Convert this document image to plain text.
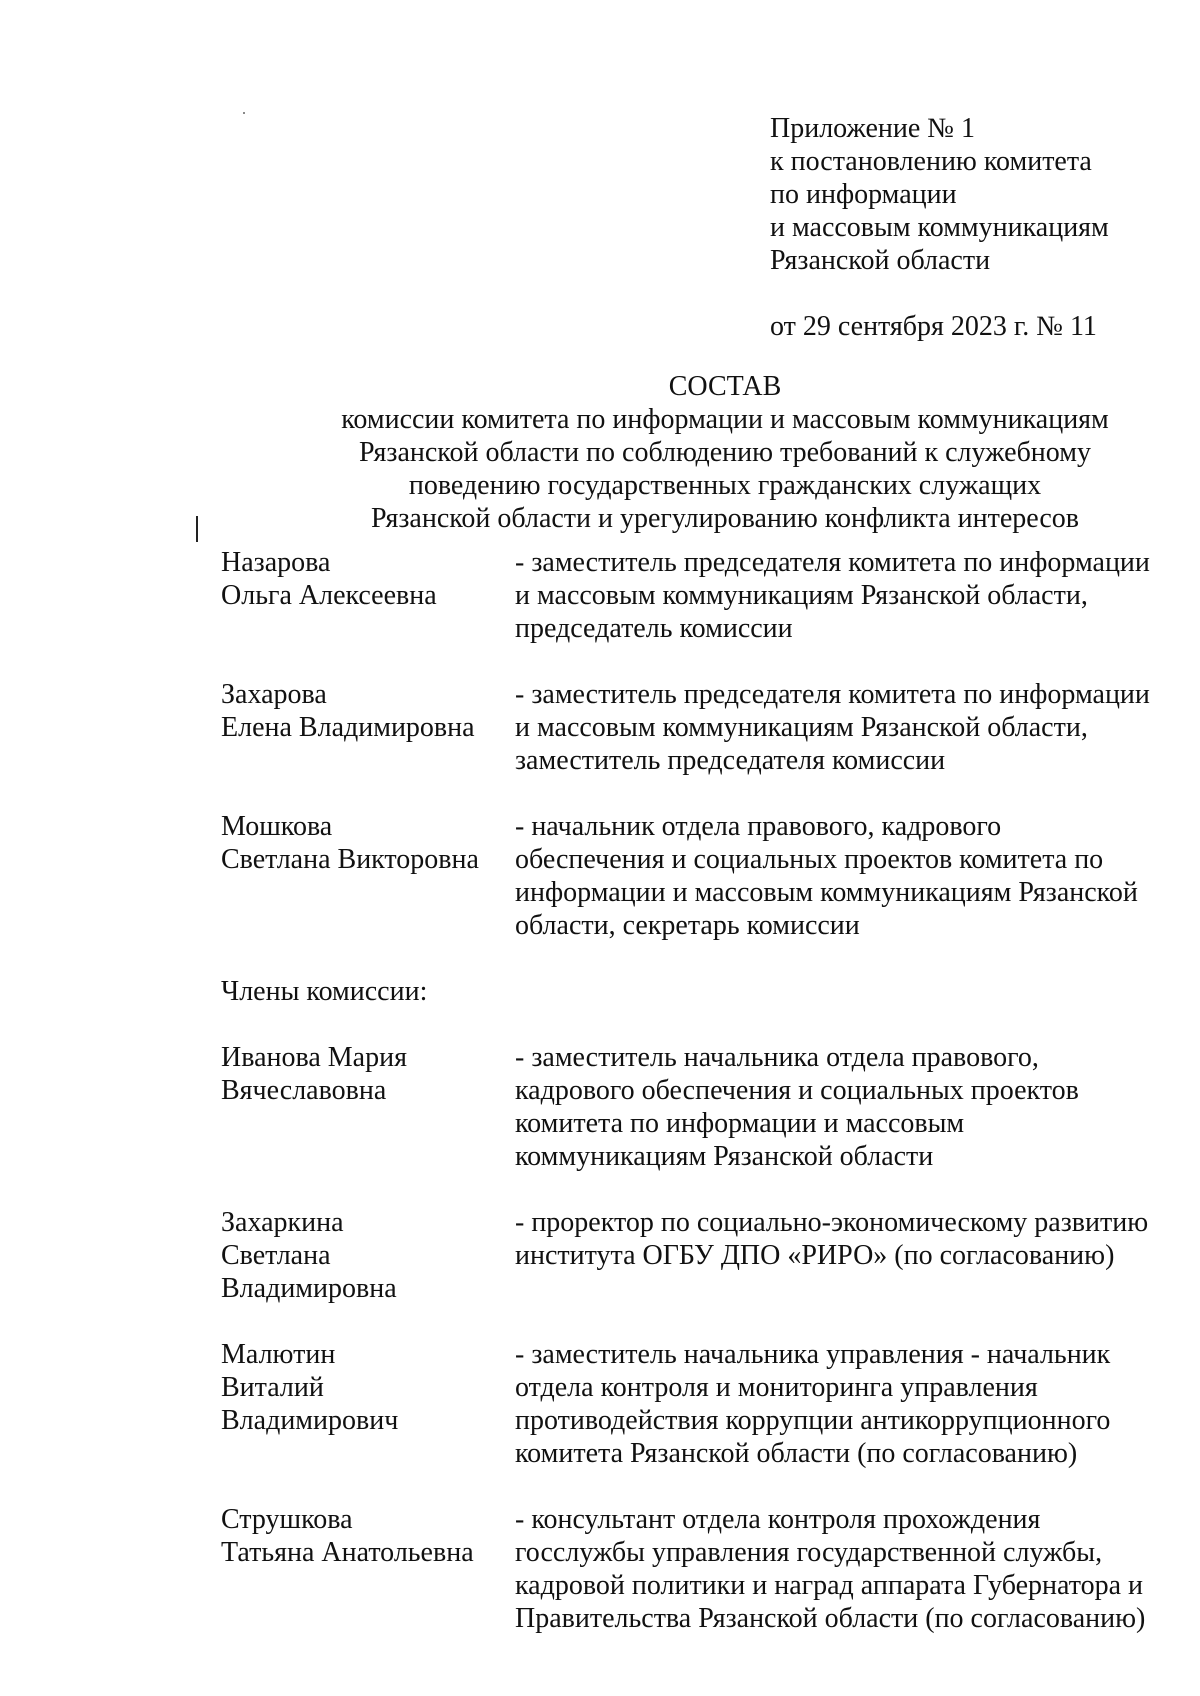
Приложение № 1
к постановлению комитета
по информации
и массовым коммуникациям
Рязанской области
от 29 сентября 2023 г. № 11
СОСТАВ
комиссии комитета по информации и массовым коммуникациям
Рязанской области по соблюдению требований к служебному
поведению государственных гражданских служащих
Рязанской области и урегулированию конфликта интересов
Назарова
Ольга Алексеевна
- заместитель председателя комитета по информации
и массовым коммуникациям Рязанской области,
председатель комиссии
Захарова
Елена Владимировна
- заместитель председателя комитета по информации
и массовым коммуникациям Рязанской области,
заместитель председателя комиссии
Мошкова
Светлана Викторовна
- начальник отдела правового, кадрового
обеспечения и социальных проектов комитета по
информации и массовым коммуникациям Рязанской
области, секретарь комиссии
Члены комиссии:
Иванова Мария
Вячеславовна
- заместитель начальника отдела правового,
кадрового обеспечения и социальных проектов
комитета по информации и массовым
коммуникациям Рязанской области
Захаркина
Светлана
Владимировна
- проректор по социально-экономическому развитию
института ОГБУ ДПО «РИРО» (по согласованию)
Малютин
Виталий
Владимирович
- заместитель начальника управления - начальник
отдела контроля и мониторинга управления
противодействия коррупции антикоррупционного
комитета Рязанской области (по согласованию)
Струшкова
Татьяна Анатольевна
- консультант отдела контроля прохождения
госслужбы управления государственной службы,
кадровой политики и наград аппарата Губернатора и
Правительства Рязанской области (по согласованию)
